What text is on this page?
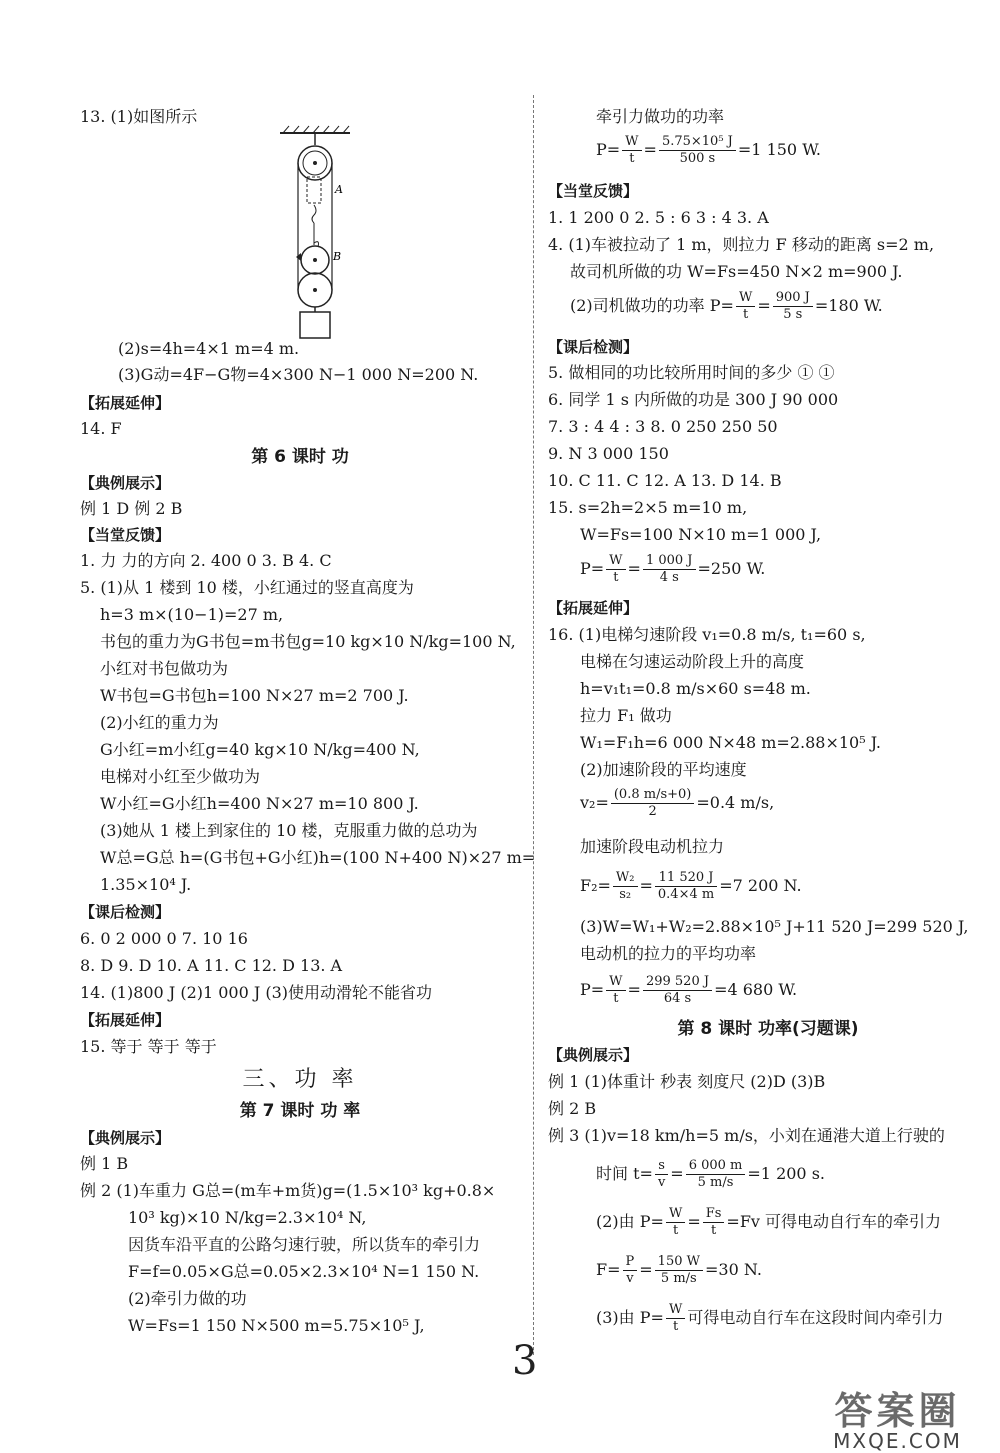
A
B
13. (1)如图所示
(2)s=4h=4×1 m=4 m.
(3)G动=4F−G物=4×300 N−1 000 N=200 N.
【拓展延伸】
14. F
第 6 课时 功
【典例展示】
例 1 D 例 2 B
【当堂反馈】
1. 力 力的方向 2. 400 0 3. B 4. C
5. (1)从 1 楼到 10 楼，小红通过的竖直高度为
h=3 m×(10−1)=27 m,
书包的重力为G书包=m书包g=10 kg×10 N/kg=100 N,
小红对书包做功为
W书包=G书包h=100 N×27 m=2 700 J.
(2)小红的重力为
G小红=m小红g=40 kg×10 N/kg=400 N,
电梯对小红至少做功为
W小红=G小红h=400 N×27 m=10 800 J.
(3)她从 1 楼上到家住的 10 楼，克服重力做的总功为
W总=G总 h=(G书包+G小红)h=(100 N+400 N)×27 m=
1.35×10⁴ J.
【课后检测】
6. 0 2 000 0 7. 10 16
8. D 9. D 10. A 11. C 12. D 13. A
14. (1)800 J (2)1 000 J (3)使用动滑轮不能省功
【拓展延伸】
15. 等于 等于 等于
三、功 率
第 7 课时 功 率
【典例展示】
例 1 B
例 2 (1)车重力 G总=(m车+m货)g=(1.5×10³ kg+0.8×
10³ kg)×10 N/kg=2.3×10⁴ N,
因货车沿平直的公路匀速行驶，所以货车的牵引力
F=f=0.05×G总=0.05×2.3×10⁴ N=1 150 N.
(2)牵引力做的功
W=Fs=1 150 N×500 m=5.75×10⁵ J,
牵引力做功的功率
$P= \frac{W}{t} = \frac{\text{5.75×10⁵ J}}{500 s} =1$ 150 W.
【当堂反馈】
1. 1 200 0 2. 5 : 6 3 : 4 3. A
4. (1)车被拉动了 1 m，则拉力 F 移动的距离 s=2 m,
故司机所做的功 W=Fs=450 N×2 m=900 J.
(2)司机做功的功率 $P= \frac{W}{t} = \frac{900 J}{5 s} =180$ W.
【课后检测】
5. 做相同的功比较所用时间的多少 ① ①
6. 同学 1 s 内所做的功是 300 J 90 000
7. 3 : 4 4 : 3 8. 0 250 250 50
9. N 3 000 150
10. C 11. C 12. A 13. D 14. B
15. s=2h=2×5 m=10 m,
W=Fs=100 N×10 m=1 000 J,
$P= \frac{W}{t} = \frac{1 000 J}{4 s} =250$ W.
【拓展延伸】
16. (1)电梯匀速阶段 v₁=0.8 m/s, t₁=60 s,
电梯在匀速运动阶段上升的高度
h=v₁t₁=0.8 m/s×60 s=48 m.
拉力 F₁ 做功
W₁=F₁h=6 000 N×48 m=2.88×10⁵ J.
(2)加速阶段的平均速度
$v_2= \frac{(0.8 m/s+0)}{2} =0.4$ m/s,
加速阶段电动机拉力
$F_2= \frac{\text{W₂}}{\text{s₂}} = \frac{11 520 J}{0.4\times 4 m} =7$ 200 N.
(3)W=W₁+W₂=2.88×10⁵ J+11 520 J=299 520 J,
电动机的拉力的平均功率
$P= \frac{W}{t} = \frac{299 520 J}{64 s} =4$ 680 W.
第 8 课时 功率(习题课)
【典例展示】
例 1 (1)体重计 秒表 刻度尺 (2)D (3)B
例 2 B
例 3 (1)v=18 km/h=5 m/s，小刘在通港大道上行驶的
时间 $t= \frac{s}{v} = \frac{6 000 m}{5 m/s} =1$ 200 s.
(2)由 $P= \frac{W}{t} = \frac{Fs}{t} =Fv$ 可得电动自行车的牵引力
$F= \frac{P}{v} = \frac{150 W}{5 m/s} =30$ N.
(3)由 $P= \frac{W}{t}$ 可得电动自行车在这段时间内牵引力
3
答案圈
MXQE.COM
